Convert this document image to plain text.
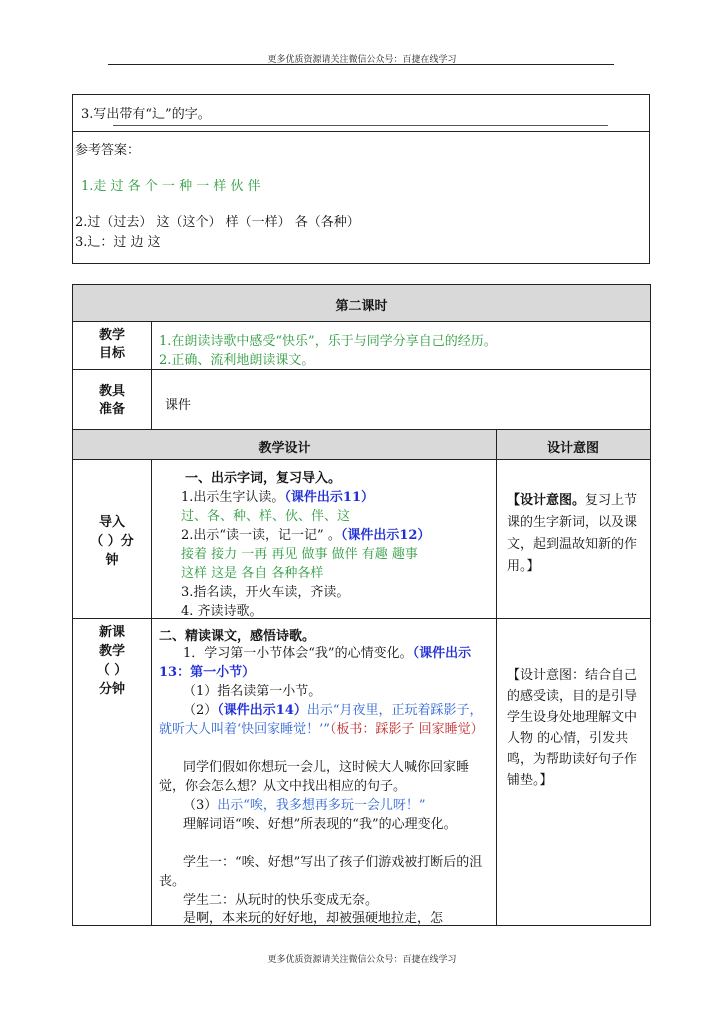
更多优质资源请关注微信公众号：百捷在线学习
3.写出带有“辶”的字。
参考答案：
1.走 过 各 个 一 种 一 样 伙 伴
2.过（过去） 这（这个） 样（一样） 各（各种）
3.辶：过 边 这
第二课时
教学
目标
1.在朗读诗歌中感受“快乐”，乐于与同学分享自己的经历。
2.正确、流利地朗读课文。
教具
准备	课件
教学设计	设计意图
导入
（ ）分
钟
一、出示字词，复习导入。
1.出示生字认读。（课件出示11）
过、各、种、样、伙、伴、这
2.出示“读一读，记一记” 。（课件出示12）
接着 接力 一再 再见 做事 做伴 有趣 趣事
这样 这是 各自 各种各样
3.指名读，开火车读，齐读。
4. 齐读诗歌。
【设计意图。复习上节课的生字新词，以及课文，起到温故知新的作用。】
新课
教学
（ ）
分钟
二、精读课文，感悟诗歌。
1．学习第一小节体会“我”的心情变化。（课件出示13：第一小节）
（1）指名读第一小节。
（2）（课件出示14）出示“月夜里，正玩着踩影子，就听大人叫着‘快回家睡觉！’”（板书：踩影子 回家睡觉）
同学们假如你想玩一会儿，这时候大人喊你回家睡觉，你会怎么想？从文中找出相应的句子。
（3）出示“唉，我多想再多玩一会儿呀！”
理解词语“唉、好想”所表现的“我”的心理变化。
学生一：“唉、好想”写出了孩子们游戏被打断后的沮丧。
学生二：从玩时的快乐变成无奈。
是啊，本来玩的好好地，却被强硬地拉走，怎
【设计意图：结合自己的感受读，目的是引导学生设身处地理解文中人物 的心情，引发共鸣，为帮助读好句子作铺垫。】
更多优质资源请关注微信公众号：百捷在线学习
